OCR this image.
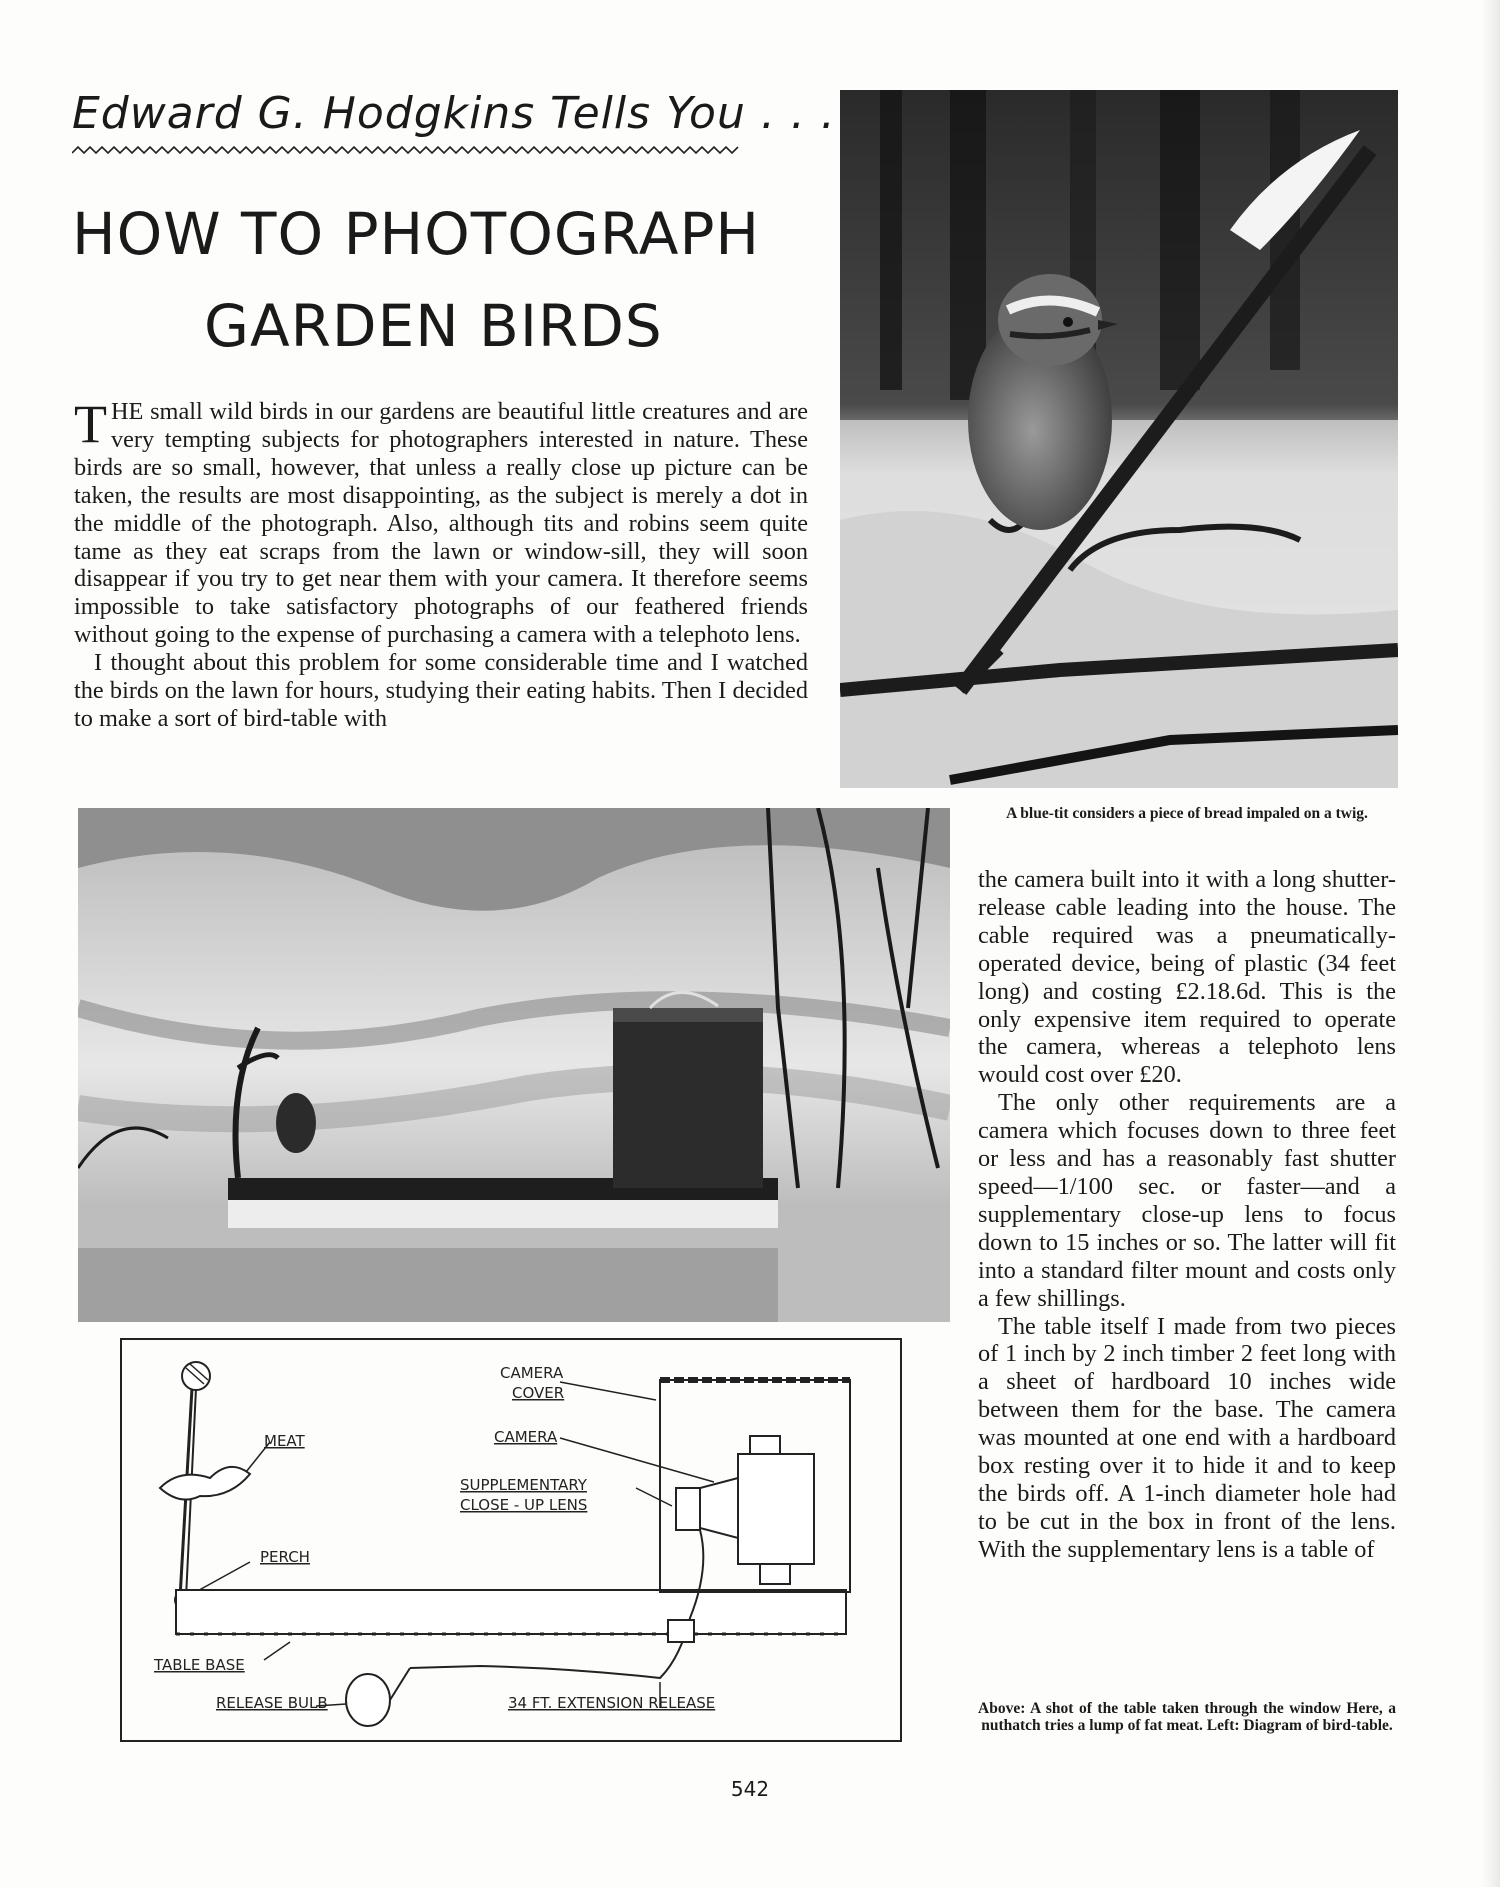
Edward G. Hodgkins Tells You . . .
HOW TO PHOTOGRAPH
GARDEN BIRDS

THE small wild birds in our gardens are beautiful little creatures and are very tempting subjects for photographers interested in nature. These birds are so small, however, that unless a really close up picture can be taken, the results are most disappointing, as the subject is merely a dot in the middle of the photograph. Also, although tits and robins seem quite tame as they eat scraps from the lawn or window-sill, they will soon disappear if you try to get near them with your camera. It therefore seems impossible to take satisfactory photographs of our feathered friends without going to the expense of purchasing a camera with a telephoto lens.

I thought about this problem for some considerable time and I watched the birds on the lawn for hours, studying their eating habits. Then I decided to make a sort of bird-table with

A blue-tit considers a piece of bread impaled on a twig.
CAMERA
COVER
CAMERA
SUPPLEMENTARY
CLOSE - UP LENS
MEAT
PERCH
TABLE BASE
RELEASE BULB	34 FT. EXTENSION RELEASE

the camera built into it with a long shutter-release cable leading into the house. The cable required was a pneumatically-operated device, being of plastic (34 feet long) and costing £2.18.6d. This is the only expensive item required to operate the camera, whereas a telephoto lens would cost over £20.

The only other requirements are a camera which focuses down to three feet or less and has a reasonably fast shutter speed—1/100 sec. or faster—and a supplementary close-up lens to focus down to 15 inches or so. The latter will fit into a standard filter mount and costs only a few shillings.

The table itself I made from two pieces of 1 inch by 2 inch timber 2 feet long with a sheet of hardboard 10 inches wide between them for the base. The camera was mounted at one end with a hardboard box resting over it to hide it and to keep the birds off. A 1-inch diameter hole had to be cut in the box in front of the lens. With the supplementary lens is a table of

Above: A shot of the table taken through the window Here, a nuthatch tries a lump of fat meat. Left: Diagram of bird-table.
542
